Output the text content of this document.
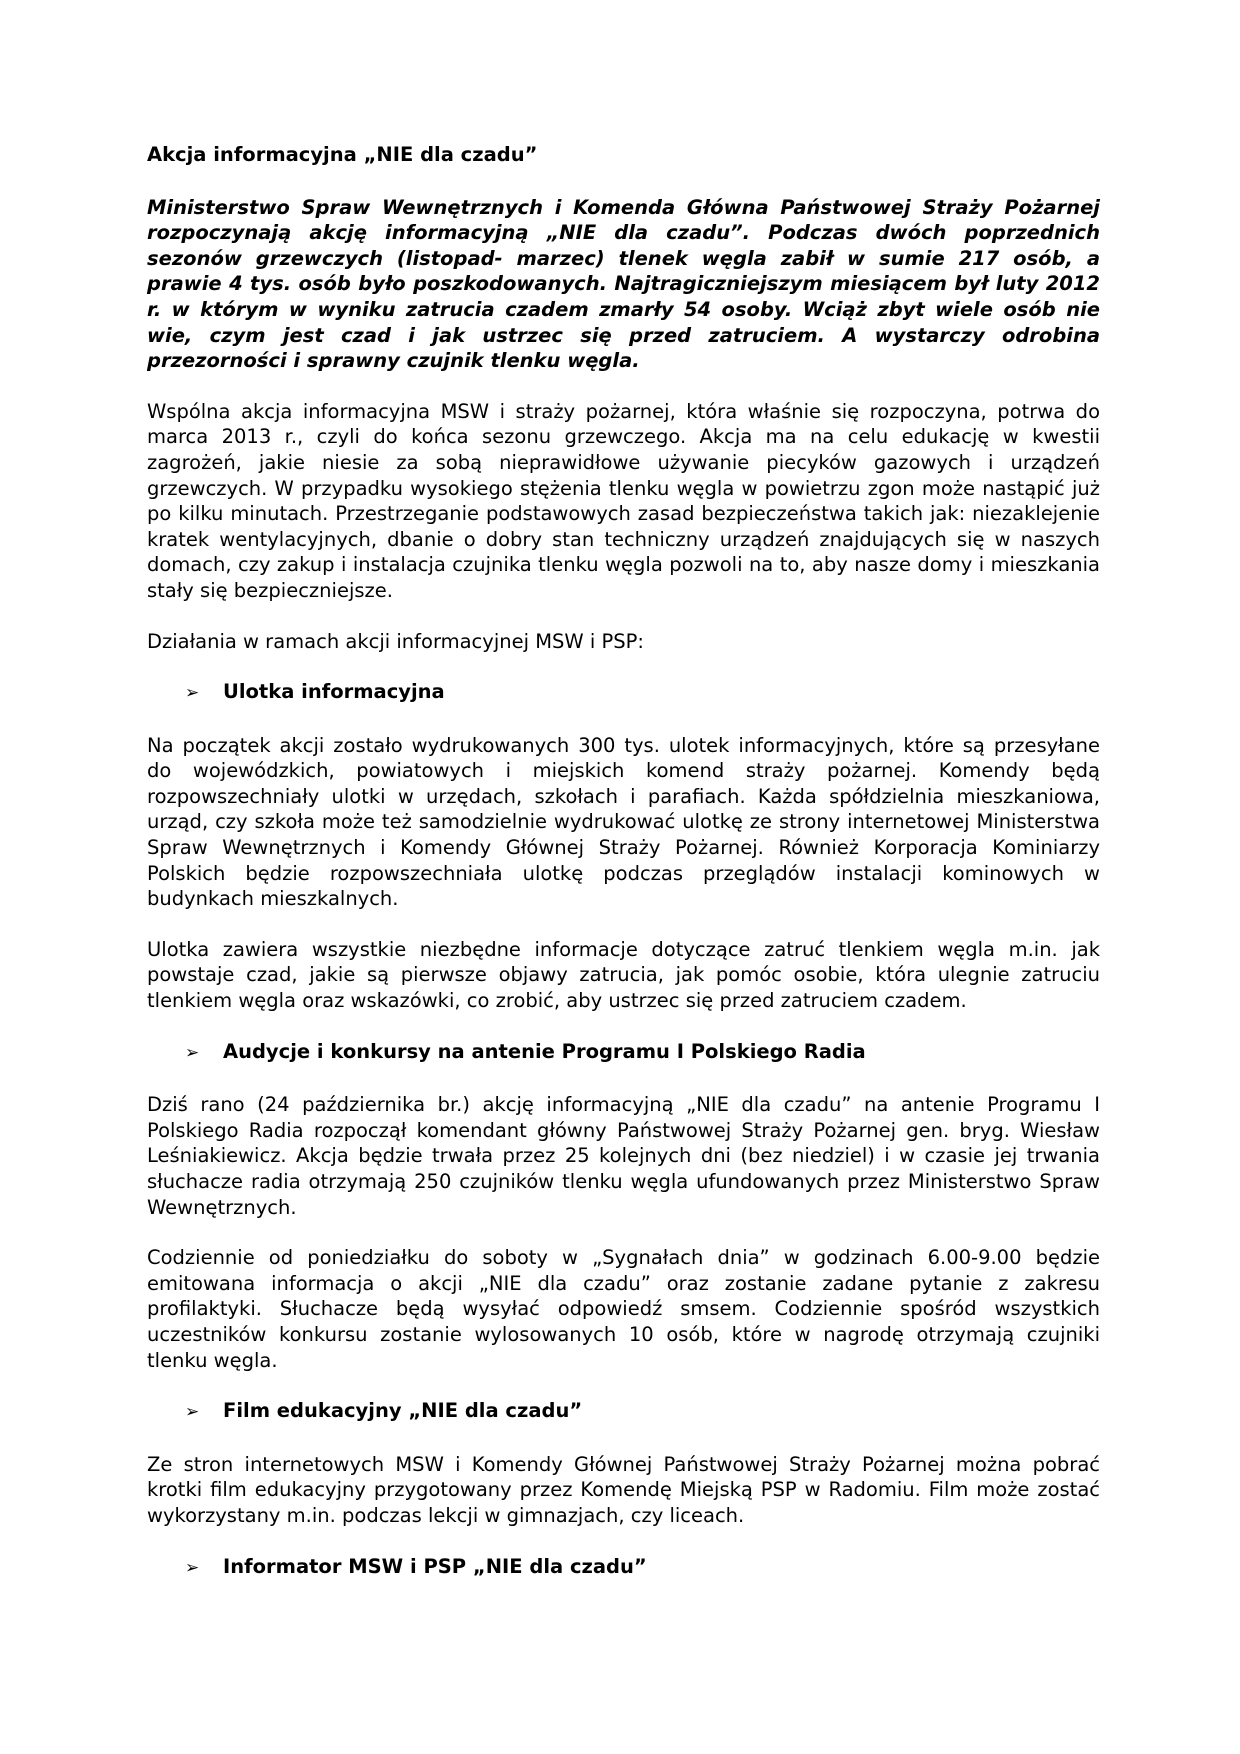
Akcja informacyjna „NIE dla czadu”
Ministerstwo Spraw Wewnętrznych i Komenda Główna Państwowej Straży Pożarnej rozpoczynają akcję informacyjną „NIE dla czadu”. Podczas dwóch poprzednich sezonów grzewczych (listopad- marzec) tlenek węgla zabił w sumie 217 osób, a prawie 4 tys. osób było poszkodowanych. Najtragiczniejszym miesiącem był luty 2012 r. w którym w wyniku zatrucia czadem zmarły 54 osoby. Wciąż zbyt wiele osób nie wie, czym jest czad i jak ustrzec się przed zatruciem. A wystarczy odrobina przezorności i sprawny czujnik tlenku węgla.
Wspólna akcja informacyjna MSW i straży pożarnej, która właśnie się rozpoczyna, potrwa do marca 2013 r., czyli do końca sezonu grzewczego. Akcja ma na celu edukację w kwestii zagrożeń, jakie niesie za sobą nieprawidłowe używanie piecyków gazowych i urządzeń grzewczych. W przypadku wysokiego stężenia tlenku węgla w powietrzu zgon może nastąpić już po kilku minutach. Przestrzeganie podstawowych zasad bezpieczeństwa takich jak: niezaklejenie kratek wentylacyjnych, dbanie o dobry stan techniczny urządzeń znajdujących się w naszych domach, czy zakup i instalacja czujnika tlenku węgla pozwoli na to, aby nasze domy i mieszkania stały się bezpieczniejsze.
Działania w ramach akcji informacyjnej MSW i PSP:
➢	Ulotka informacyjna
Na początek akcji zostało wydrukowanych 300 tys. ulotek informacyjnych, które są przesyłane do wojewódzkich, powiatowych i miejskich komend straży pożarnej. Komendy będą rozpowszechniały ulotki w urzędach, szkołach i parafiach. Każda spółdzielnia mieszkaniowa, urząd, czy szkoła może też samodzielnie wydrukować ulotkę ze strony internetowej Ministerstwa Spraw Wewnętrznych i Komendy Głównej Straży Pożarnej. Również Korporacja Kominiarzy Polskich będzie rozpowszechniała ulotkę podczas przeglądów instalacji kominowych w budynkach mieszkalnych.
Ulotka zawiera wszystkie niezbędne informacje dotyczące zatruć tlenkiem węgla m.in. jak powstaje czad, jakie są pierwsze objawy zatrucia, jak pomóc osobie, która ulegnie zatruciu tlenkiem węgla oraz wskazówki, co zrobić, aby ustrzec się przed zatruciem czadem.
➢	Audycje i konkursy na antenie Programu I Polskiego Radia
Dziś rano (24 października br.) akcję informacyjną „NIE dla czadu” na antenie Programu I Polskiego Radia rozpoczął komendant główny Państwowej Straży Pożarnej gen. bryg. Wiesław Leśniakiewicz. Akcja będzie trwała przez 25 kolejnych dni (bez niedziel) i w czasie jej trwania słuchacze radia otrzymają 250 czujników tlenku węgla ufundowanych przez Ministerstwo Spraw Wewnętrznych.
Codziennie od poniedziałku do soboty w „Sygnałach dnia” w godzinach 6.00-9.00 będzie emitowana informacja o akcji „NIE dla czadu” oraz zostanie zadane pytanie z zakresu profilaktyki. Słuchacze będą wysyłać odpowiedź smsem. Codziennie spośród wszystkich uczestników konkursu zostanie wylosowanych 10 osób, które w nagrodę otrzymają czujniki tlenku węgla.
➢	Film edukacyjny „NIE dla czadu”
Ze stron internetowych MSW i Komendy Głównej Państwowej Straży Pożarnej można pobrać krotki film edukacyjny przygotowany przez Komendę Miejską PSP w Radomiu. Film może zostać wykorzystany m.in. podczas lekcji w gimnazjach, czy liceach.
➢	Informator MSW i PSP „NIE dla czadu”
